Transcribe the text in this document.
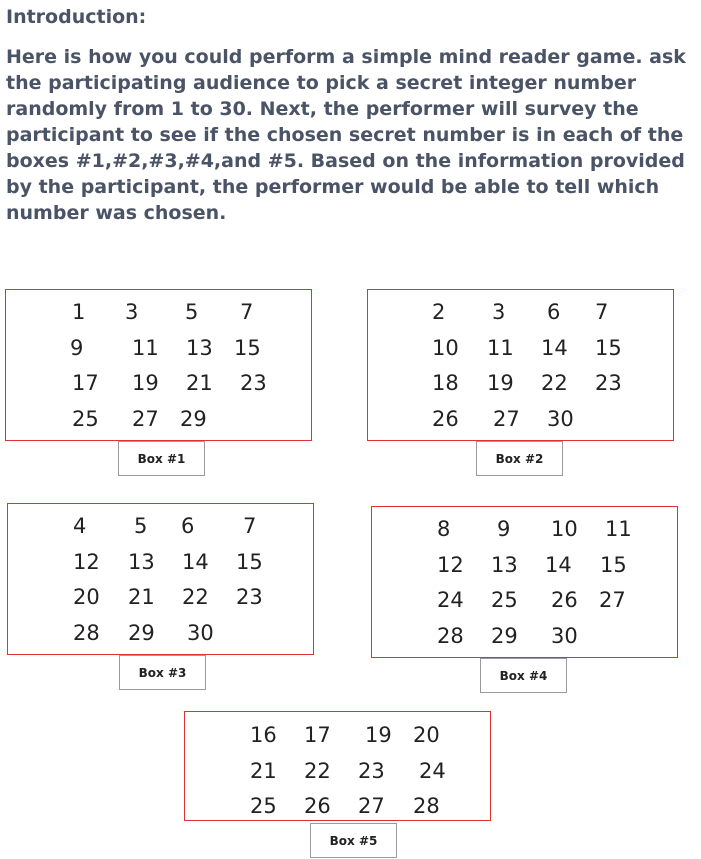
Introduction:

Here is how you could perform a simple mind reader game. ask the participating audience to pick a secret integer number randomly from 1 to 30. Next, the performer will survey the participant to see if the chosen secret number is in each of the boxes #1,#2,#3,#4,and #5. Based on the information provided by the participant, the performer would be able to tell which number was chosen.

1 3 5 7
9 11 13 15
17 19 21 23
25 27 29
Box #1
2 3 6 7
10 11 14 15
18 19 22 23
26 27 30
Box #2
4 5 6 7
12 13 14 15
20 21 22 23
28 29 30
Box #3
8 9 10 11
12 13 14 15
24 25 26 27
28 29 30
Box #4
16 17 19 20
21 22 23 24
25 26 27 28
Box #5
